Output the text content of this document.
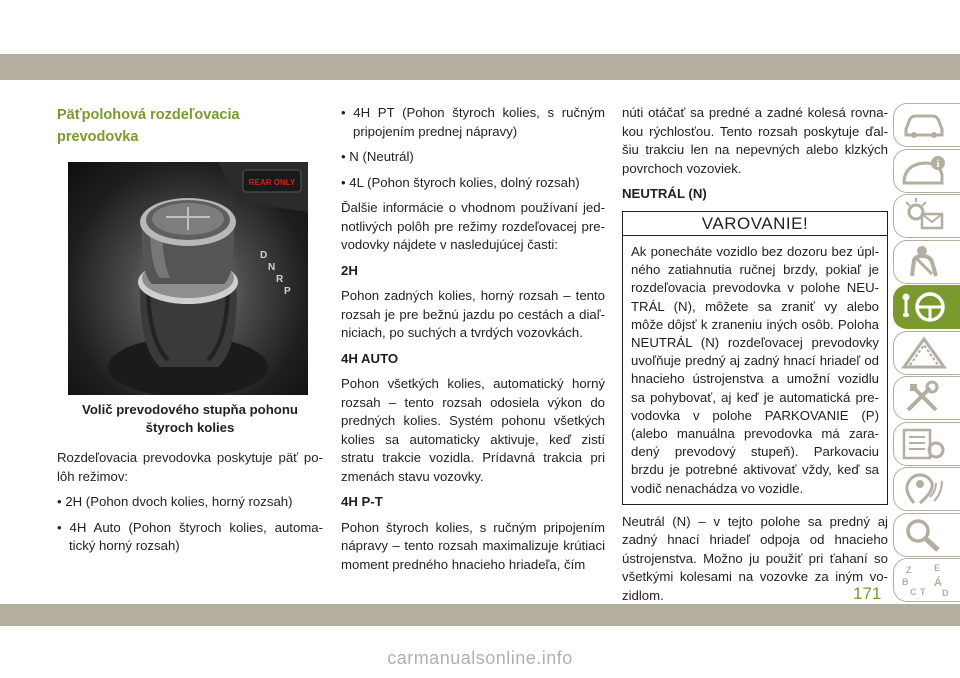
Päťpolohová rozdeľovacia
prevodovka
REAR ONLY
D
N
R
P
Volič prevodového stupňa pohonu
štyroch kolies

Rozdeľovacia prevodovka poskytuje päť po-lôh režimov:

• 2H (Pohon dvoch kolies, horný rozsah)

• 4H Auto (Pohon štyroch kolies, automa-tický horný rozsah)

• 4H PT (Pohon štyroch kolies, s ručným pripojením prednej nápravy)

• N (Neutrál)

• 4L (Pohon štyroch kolies, dolný rozsah)

Ďalšie informácie o vhodnom používaní jed-notlivých polôh pre režimy rozdeľovacej pre-vodovky nájdete v nasledujúcej časti:

2H

Pohon zadných kolies, horný rozsah – tento rozsah je pre bežnú jazdu po cestách a diaľ-niciach, po suchých a tvrdých vozovkách.

4H AUTO

Pohon všetkých kolies, automatický horný rozsah – tento rozsah odosiela výkon do predných kolies. Systém pohonu všetkých kolies sa automaticky aktivuje, keď zistí stratu trakcie vozidla. Prídavná trakcia pri zmenách stavu vozovky.

4H P-T

Pohon štyroch kolies, s ručným pripojením nápravy – tento rozsah maximalizuje krútiaci moment predného hnacieho hriadeľa, čím

núti otáčať sa predné a zadné kolesá rovna-kou rýchlosťou. Tento rozsah poskytuje ďal-šiu trakciu len na nepevných alebo klzkých povrchoch vozoviek.

NEUTRÁL (N)

VAROVANIE!
Ak ponecháte vozidlo bez dozoru bez úpl-ného zatiahnutia ručnej brzdy, pokiaľ je rozdeľovacia prevodovka v polohe NEU-TRÁL (N), môžete sa zraniť vy alebo môže dôjsť k zraneniu iných osôb. Poloha NEUTRÁL (N) rozdeľovacej prevodovky uvoľňuje predný aj zadný hnací hriadeľ od hnacieho ústrojenstva a umožní vozidlu sa pohybovať, aj keď je automatická pre-vodovka v polohe PARKOVANIE (P) (alebo manuálna prevodovka má zara-dený prevodový stupeň). Parkovaciu brzdu je potrebné aktivovať vždy, keď sa vodič nenachádza vo vozidle.

Neutrál (N) – v tejto polohe sa predný aj zadný hnací hriadeľ odpoja od hnacieho ústrojenstva. Možno ju použiť pri ťahaní so všetkými kolesami na vozovke za iným vo-zidlom.

i
Z	E
B Á
C T D
171
carmanualsonline.info
